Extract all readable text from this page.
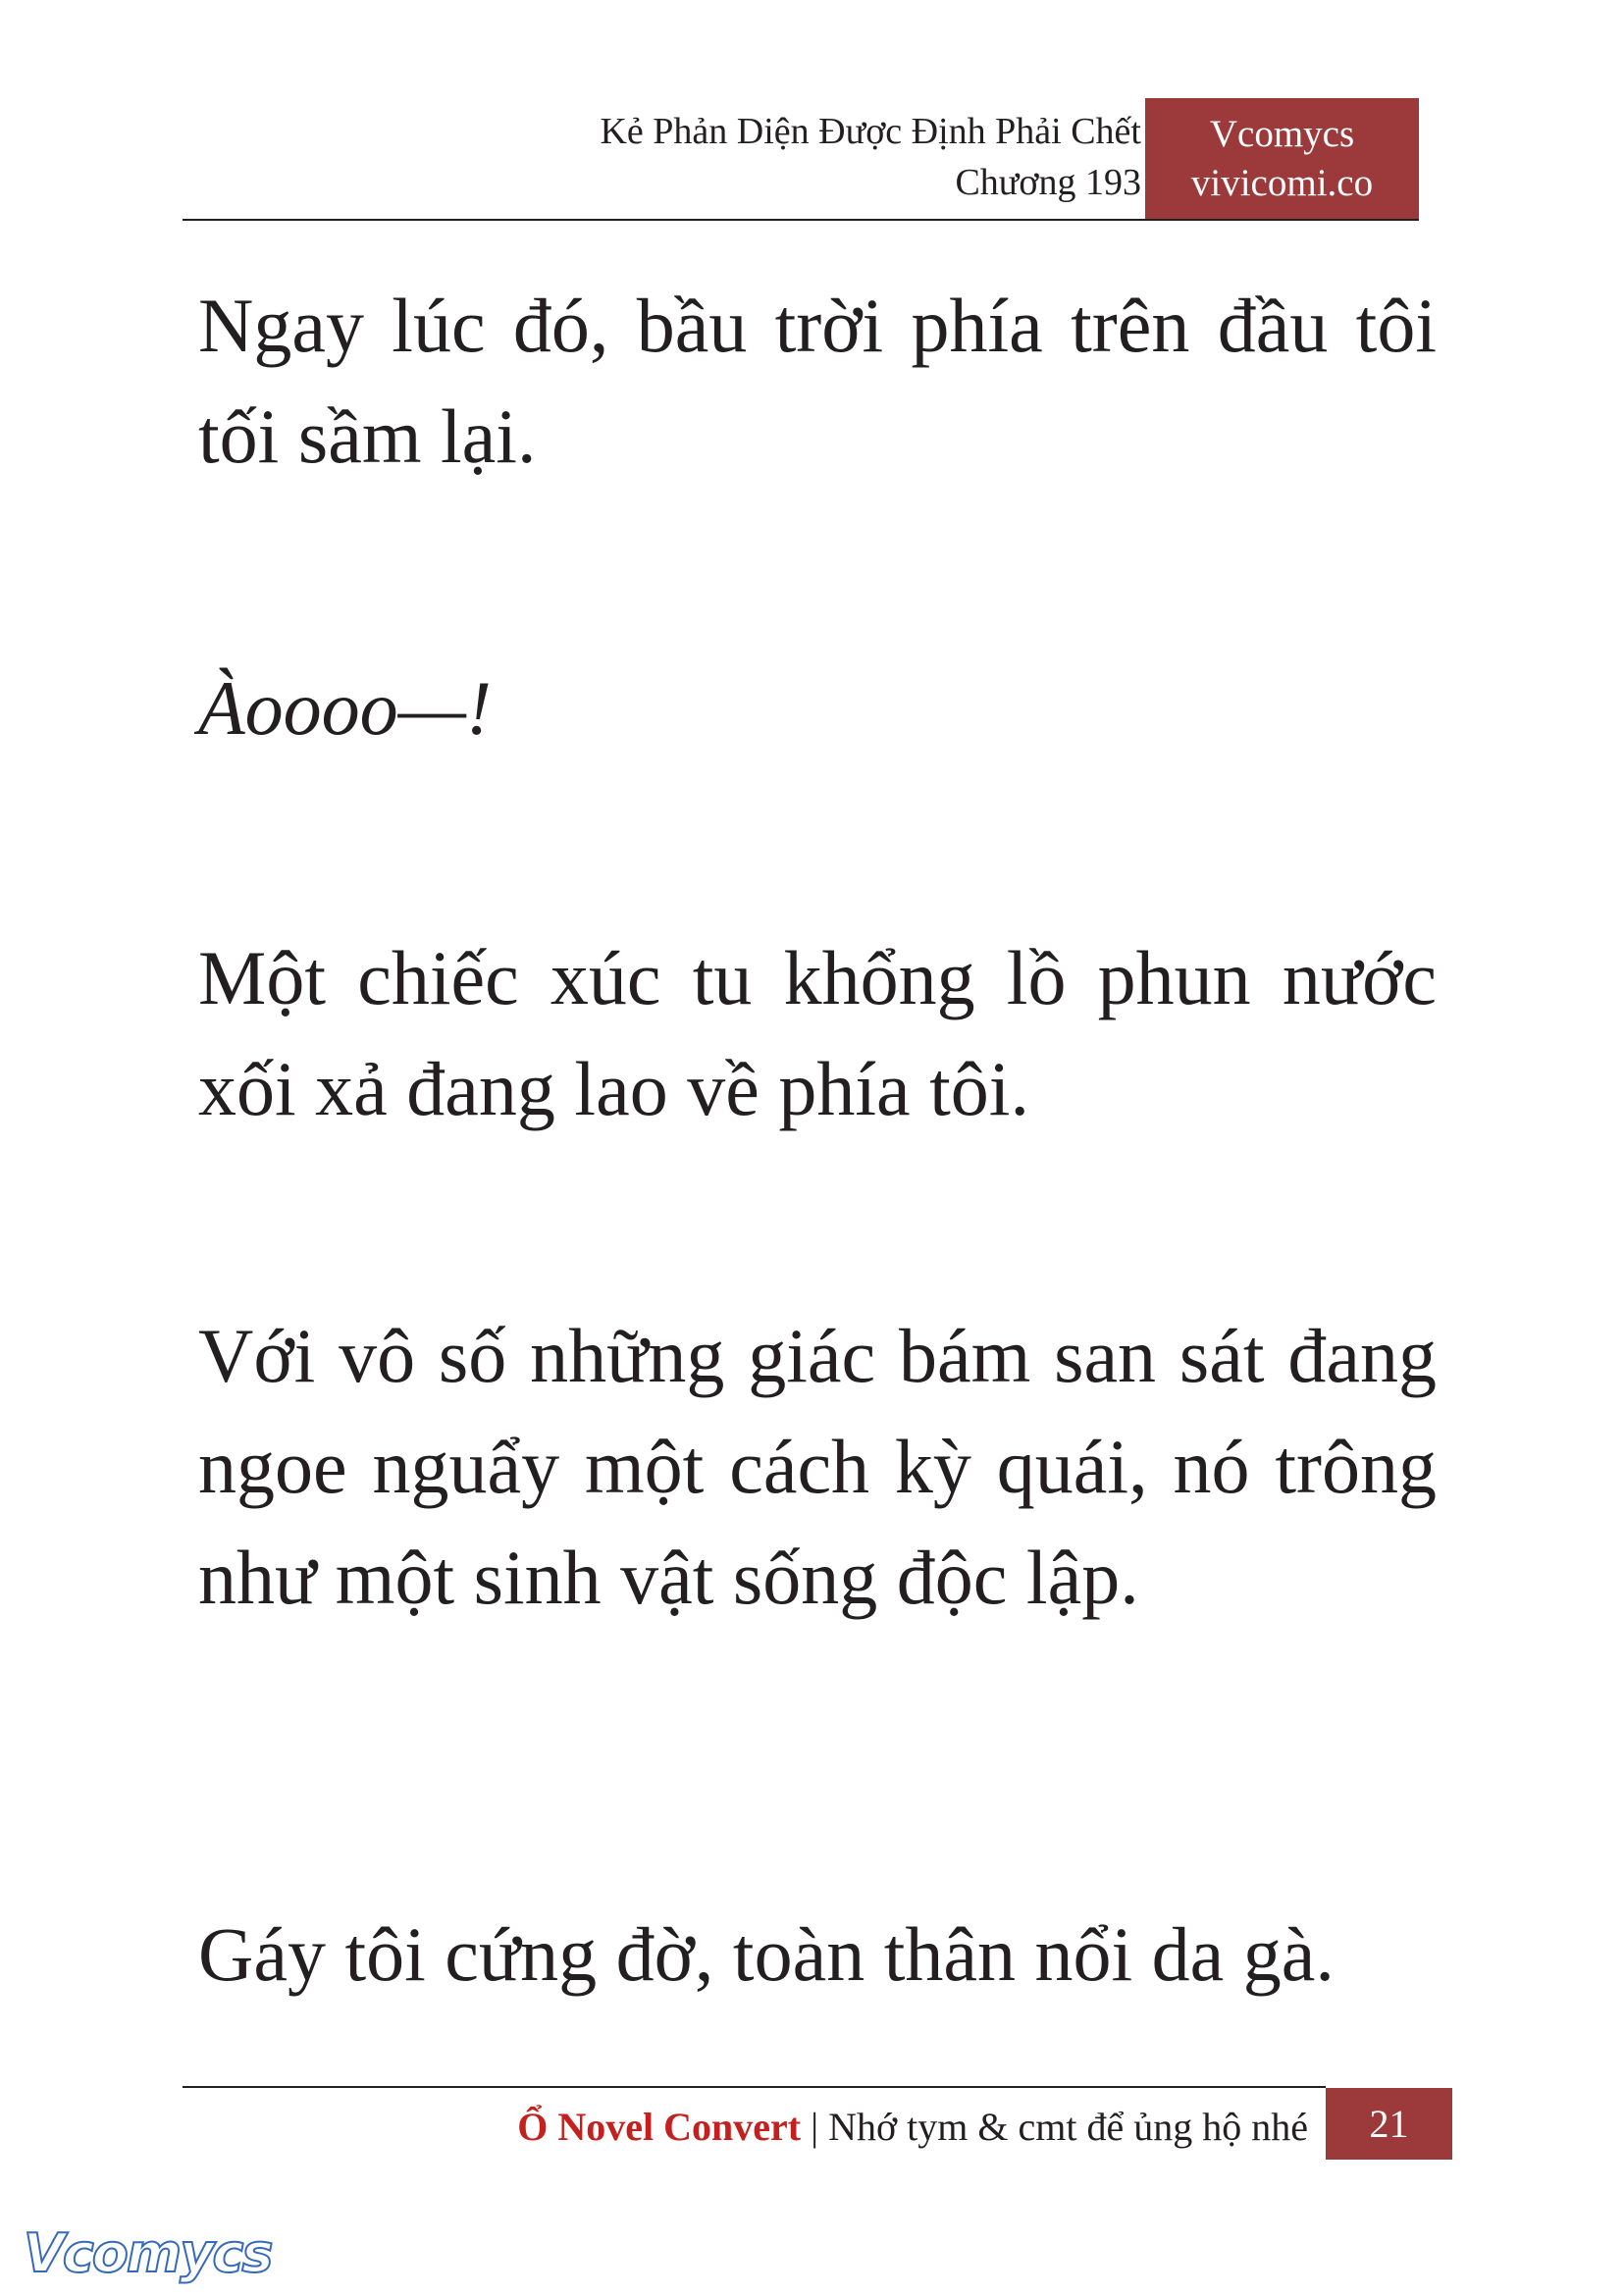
Kẻ Phản Diện Được Định Phải Chết
Chương 193
Vcomycs
vivicomi.co

Ngay lúc đó, bầu trời phía trên đầu tôi tối sầm lại.

Àoooo—!

Một chiếc xúc tu khổng lồ phun nước xối xả đang lao về phía tôi.

Với vô số những giác bám san sát đang ngoe nguẩy một cách kỳ quái, nó trông như một sinh vật sống độc lập.

Gáy tôi cứng đờ, toàn thân nổi da gà.

Ổ Novel Convert | Nhớ tym & cmt để ủng hộ nhé	21
Vcomycs
